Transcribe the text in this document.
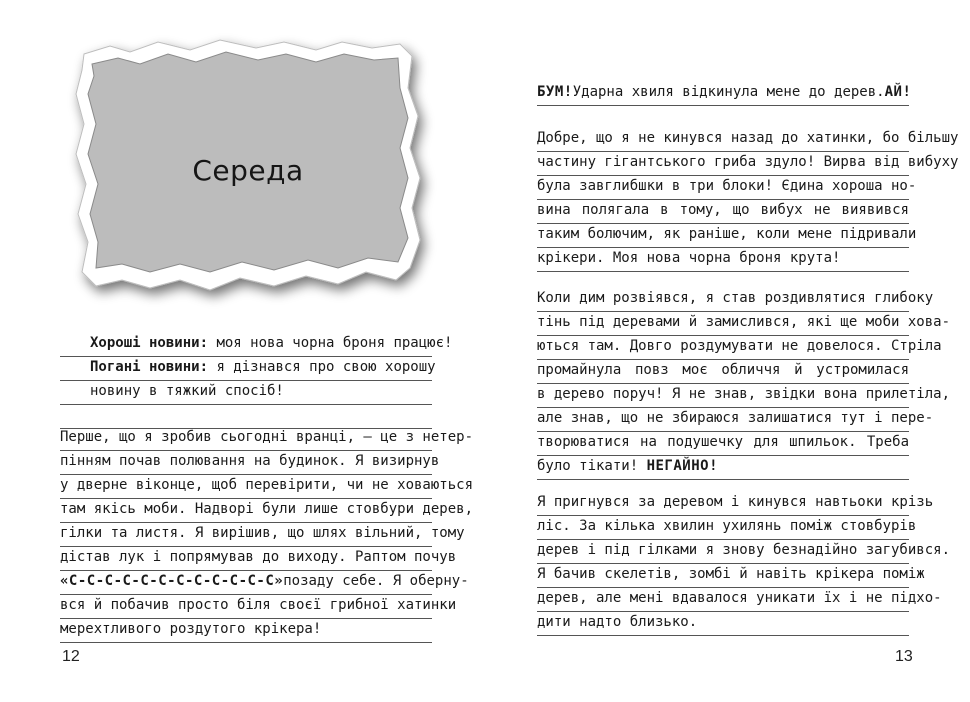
Середа
Хороші новини: моя нова чорна броня працює!
Погані новини: я дізнався про свою хорошу
новину в тяжкий спосіб!
Перше, що я зробив сьогодні вранці, — це з нетер-
пінням почав полювання на будинок. Я визирнув
у дверне віконце, щоб перевірити, чи не ховаються
там якісь моби. Надворі були лише стовбури дерев,
гілки та листя. Я вирішив, що шлях вільний, тому
дістав лук і попрямував до виходу. Раптом почув
«С-С-С-С-С-С-С-С-С-С-С-С» позаду себе. Я оберну-
вся й побачив просто біля своєї грибної хатинки
мерехтливого роздутого крікера!
12
БУМ! Ударна хвиля відкинула мене до дерев. АЙ!
Добре, що я не кинувся назад до хатинки, бо більшу
частину гігантського гриба здуло! Вирва від вибуху
була завглибшки в три блоки! Єдина хороша но-
вина полягала в тому, що вибух не виявився
таким болючим, як раніше, коли мене підривали
крікери. Моя нова чорна броня крута!
Коли дим розвіявся, я став роздивлятися глибоку
тінь під деревами й замислився, які ще моби хова-
ються там. Довго роздумувати не довелося. Стріла
промайнула повз моє обличчя й устромилася
в дерево поруч! Я не знав, звідки вона прилетіла,
але знав, що не збираюся залишатися тут і пере-
творюватися на подушечку для шпильок. Треба
було тікати! НЕГАЙНО!
Я пригнувся за деревом і кинувся навтьоки крізь
ліс. За кілька хвилин ухилянь поміж стовбурів
дерев і під гілками я знову безнадійно загубився.
Я бачив скелетів, зомбі й навіть крікера поміж
дерев, але мені вдавалося уникати їх і не підхо-
дити надто близько.
13
